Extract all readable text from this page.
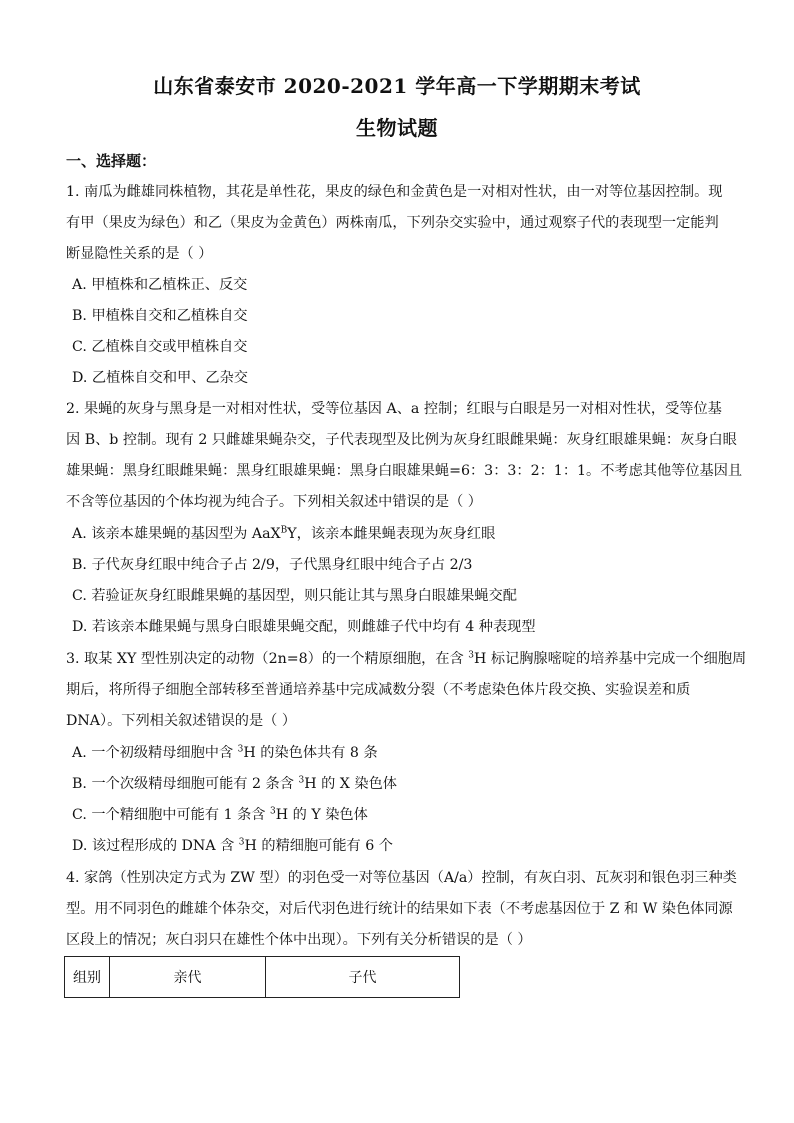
山东省泰安市 2020-2021 学年高一下学期期末考试
生物试题
一、选择题：
1. 南瓜为雌雄同株植物，其花是单性花，果皮的绿色和金黄色是一对相对性状，由一对等位基因控制。现
有甲（果皮为绿色）和乙（果皮为金黄色）两株南瓜，下列杂交实验中，通过观察子代的表现型一定能判
断显隐性关系的是（ ）
A. 甲植株和乙植株正、反交
B. 甲植株自交和乙植株自交
C. 乙植株自交或甲植株自交
D. 乙植株自交和甲、乙杂交
2. 果蝇的灰身与黑身是一对相对性状，受等位基因 A、a 控制；红眼与白眼是另一对相对性状，受等位基
因 B、b 控制。现有 2 只雌雄果蝇杂交，子代表现型及比例为灰身红眼雌果蝇：灰身红眼雄果蝇：灰身白眼
雄果蝇：黑身红眼雌果蝇：黑身红眼雄果蝇：黑身白眼雄果蝇=6：3：3：2：1：1。不考虑其他等位基因且
不含等位基因的个体均视为纯合子。下列相关叙述中错误的是（ ）
A. 该亲本雄果蝇的基因型为 AaX$^B$Y，该亲本雌果蝇表现为灰身红眼
B. 子代灰身红眼中纯合子占 2/9，子代黑身红眼中纯合子占 2/3
C. 若验证灰身红眼雌果蝇的基因型，则只能让其与黑身白眼雄果蝇交配
D. 若该亲本雌果蝇与黑身白眼雄果蝇交配，则雌雄子代中均有 4 种表现型
3. 取某 XY 型性别决定的动物（2n=8）的一个精原细胞，在含 $^3$H 标记胸腺嘧啶的培养基中完成一个细胞周
期后，将所得子细胞全部转移至普通培养基中完成减数分裂（不考虑染色体片段交换、实验误差和质
DNA）。下列相关叙述错误的是（ ）
A. 一个初级精母细胞中含 $^3$H 的染色体共有 8 条
B. 一个次级精母细胞可能有 2 条含 $^3$H 的 X 染色体
C. 一个精细胞中可能有 1 条含 $^3$H 的 Y 染色体
D. 该过程形成的 DNA 含 $^3$H 的精细胞可能有 6 个
4. 家鸽（性别决定方式为 ZW 型）的羽色受一对等位基因（A/a）控制，有灰白羽、瓦灰羽和银色羽三种类
型。用不同羽色的雌雄个体杂交，对后代羽色进行统计的结果如下表（不考虑基因位于 Z 和 W 染色体同源
区段上的情况；灰白羽只在雄性个体中出现）。下列有关分析错误的是（ ）
组别	亲代	子代
